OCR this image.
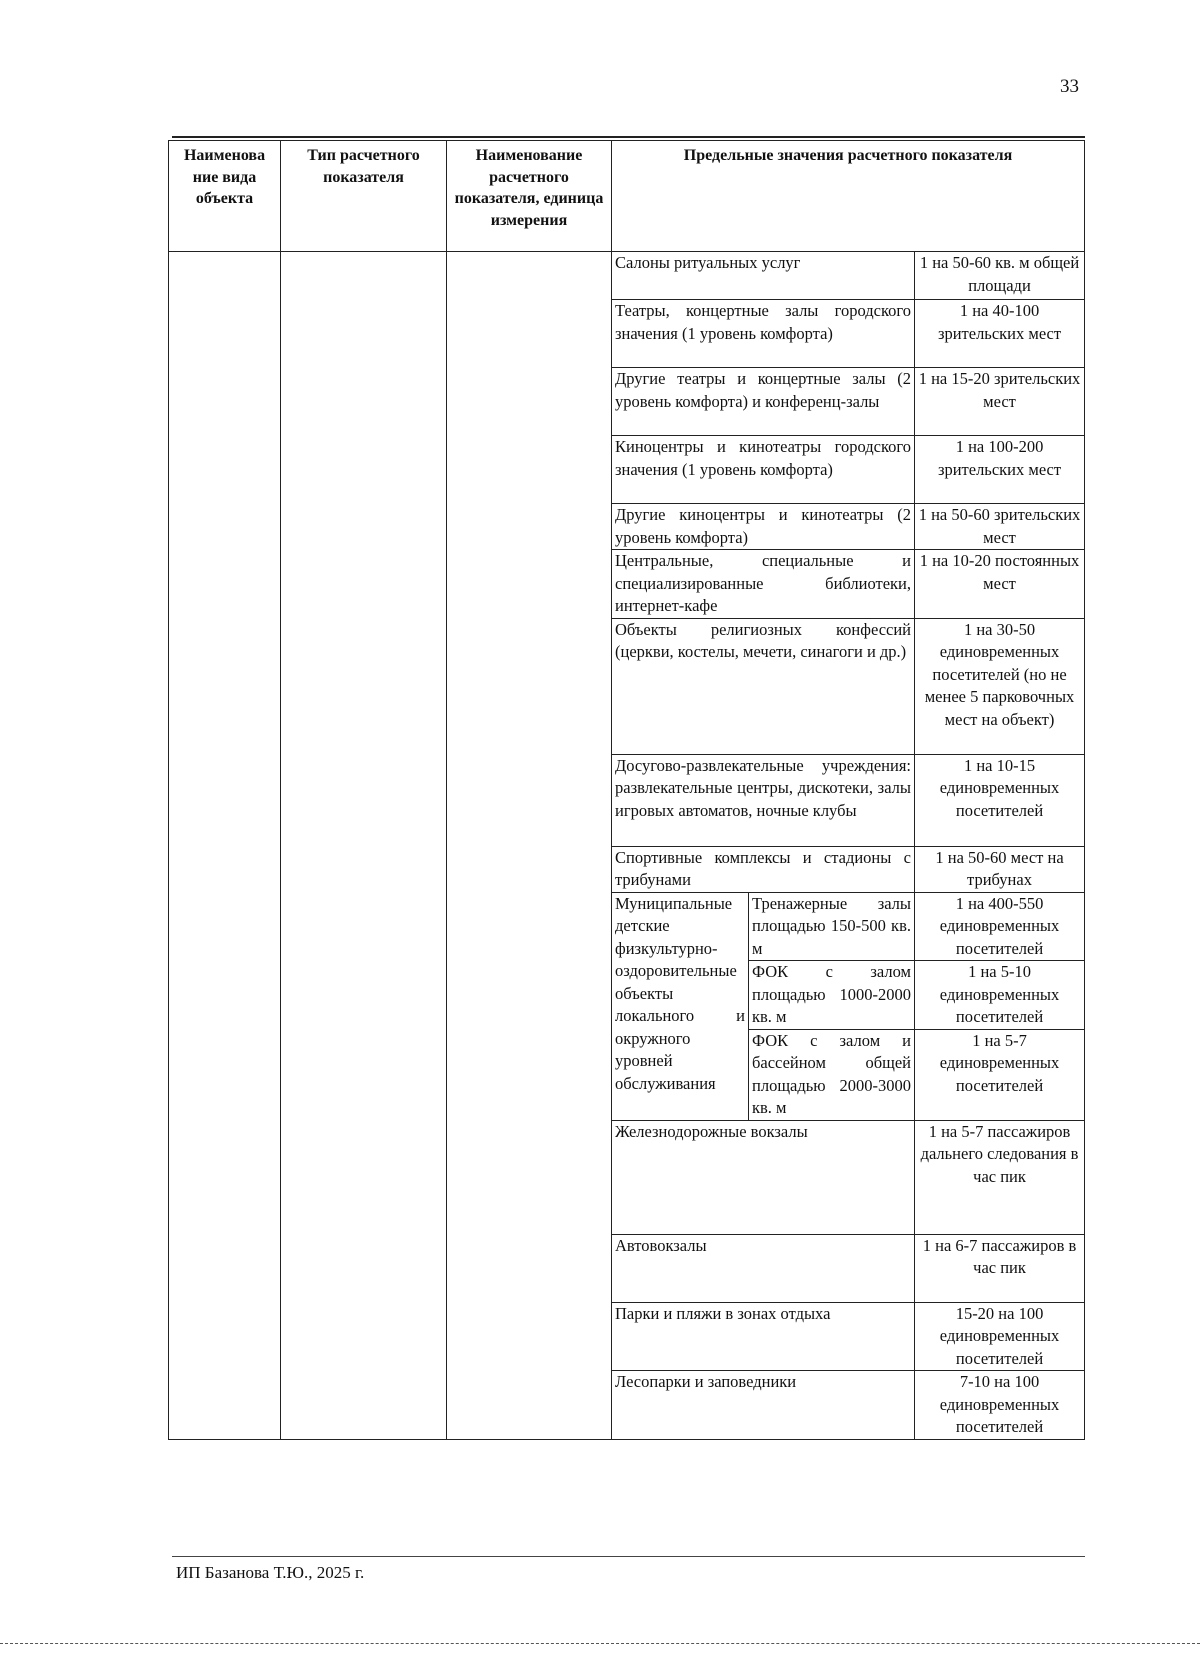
33
Наименова ние вида объекта	Тип расчетного показателя	Наименование расчетного показателя, единица измерения	Предельные значения расчетного показателя		
			Салоны ритуальных услуг		1 на 50-60 кв. м общей площади
			Театры, концертные залы городского значения (1 уровень комфорта)		1 на 40-100 зрительских мест
			Другие театры и концертные залы (2 уровень комфорта) и конференц-залы		1 на 15-20 зрительских мест
			Киноцентры и кинотеатры городского значения (1 уровень комфорта)		1 на 100-200 зрительских мест
			Другие киноцентры и кинотеатры (2 уровень комфорта)		1 на 50-60 зрительских мест
			Центральные, специальные и специализированные библиотеки, интернет-кафе		1 на 10-20 постоянных мест
			Объекты религиозных конфессий (церкви, костелы, мечети, синагоги и др.)		1 на 30-50 единовременных посетителей (но не менее 5 парковочных мест на объект)
			Досугово-развлекательные учреждения: развлекательные центры, дискотеки, залы игровых автоматов, ночные клубы		1 на 10-15 единовременных посетителей
			Спортивные комплексы и стадионы с трибунами		1 на 50-60 мест на трибунах
			Муниципальные детские физкультурно-оздоровительные объекты локального и окружного уровней обслуживания	Тренажерные залы площадью 150-500 кв. м	1 на 400-550 единовременных посетителей
				ФОК с залом площадью 1000-2000 кв. м	1 на 5-10 единовременных посетителей
				ФОК с залом и бассейном общей площадью 2000-3000 кв. м	1 на 5-7 единовременных посетителей
			Железнодорожные вокзалы		1 на 5-7 пассажиров дальнего следования в час пик
			Автовокзалы		1 на 6-7 пассажиров в час пик
			Парки и пляжи в зонах отдыха		15-20 на 100 единовременных посетителей
			Лесопарки и заповедники		7-10 на 100 единовременных посетителей
ИП Базанова Т.Ю., 2025 г.
